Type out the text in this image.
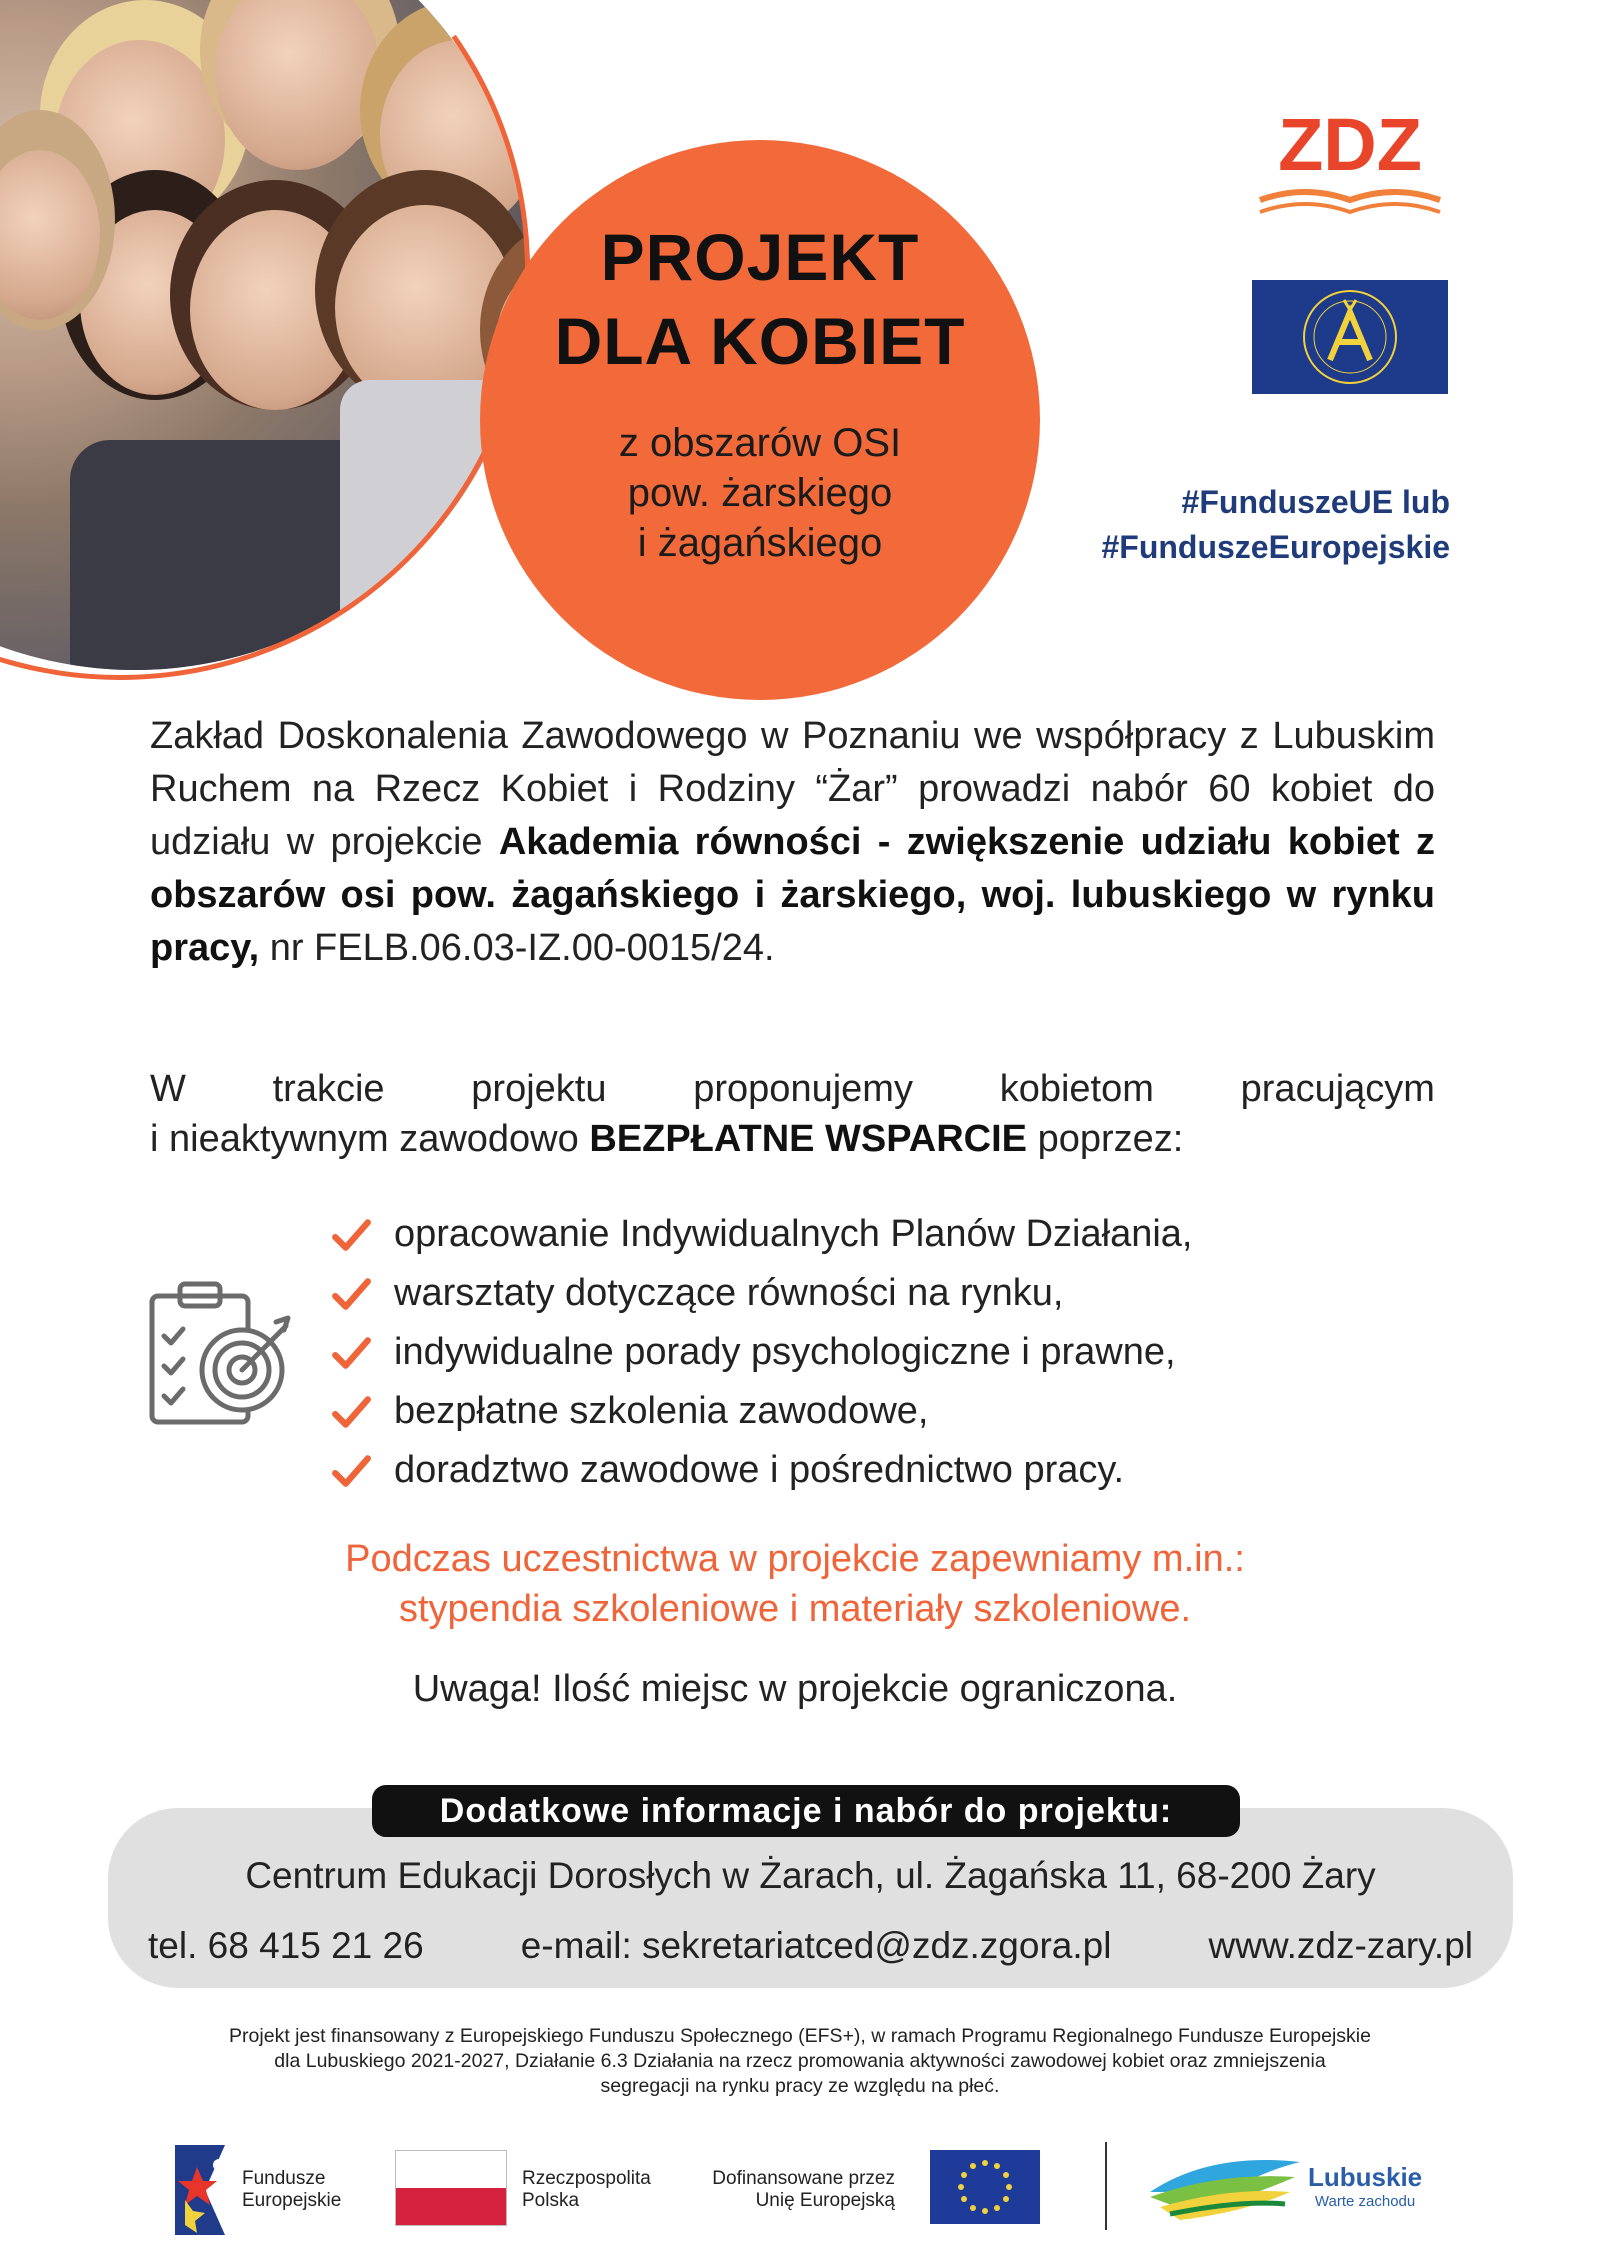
PROJEKT
DLA KOBIET
z obszarów OSI
pow. żarskiego
i żagańskiego
ZDZ
#FunduszeUE lub
#FunduszeEuropejskie
Zakład Doskonalenia Zawodowego w Poznaniu we współpracy z Lubuskim Ruchem na Rzecz Kobiet i Rodziny “Żar” prowadzi nabór 60 kobiet do udziału w projekcie Akademia równości - zwiększenie udziału kobiet z obszarów osi pow. żagańskiego i żarskiego, woj. lubuskiego w rynku pracy, nr FELB.06.03-IZ.00-0015/24.
W trakcie projektu proponujemy kobietom pracującym
i nieaktywnym zawodowo BEZPŁATNE WSPARCIE poprzez:
opracowanie Indywidualnych Planów Działania,
warsztaty dotyczące równości na rynku,
indywidualne porady psychologiczne i prawne,
bezpłatne szkolenia zawodowe,
doradztwo zawodowe i pośrednictwo pracy.
Podczas uczestnictwa w projekcie zapewniamy m.in.:
stypendia szkoleniowe i materiały szkoleniowe.
Uwaga! Ilość miejsc w projekcie ograniczona.
Dodatkowe informacje i nabór do projektu:
Centrum Edukacji Dorosłych w Żarach, ul. Żagańska 11, 68-200 Żary
tel. 68 415 21 26	e-mail: sekretariatced@zdz.zgora.pl	www.zdz-zary.pl
Projekt jest finansowany z Europejskiego Funduszu Społecznego (EFS+), w ramach Programu Regionalnego Fundusze Europejskie
dla Lubuskiego 2021-2027, Działanie 6.3 Działania na rzecz promowania aktywności zawodowej kobiet oraz zmniejszenia
segregacji na rynku pracy ze względu na płeć.
Fundusze
Europejskie
Rzeczpospolita
Polska
Dofinansowane przez
Unię Europejską
Lubuskie
Warte zachodu
